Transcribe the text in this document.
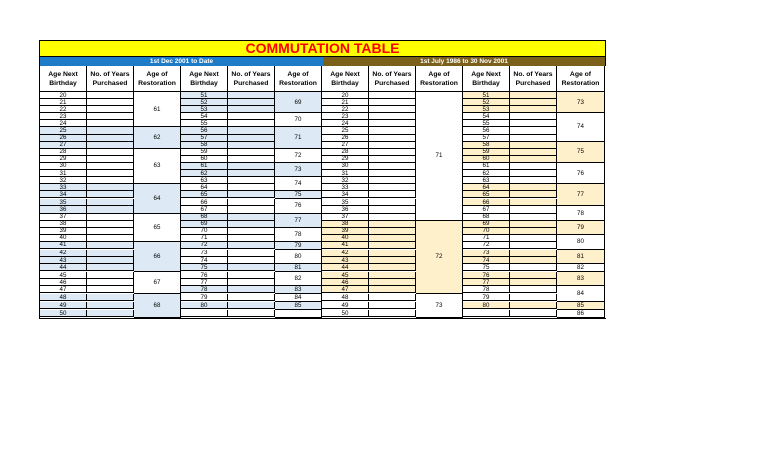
COMMUTATION TABLE
1st Dec 2001 to Date	1st July 1986 to 30 Nov 2001
Age Next Birthday
No. of Years Purchased
Age of Restoration
Age Next Birthday
No. of Years Purchased
Age of Restoration
Age Next Birthday
No. of Years Purchased
Age of Restoration
Age Next Birthday
No. of Years Purchased
Age of Restoration
20
21
22
23
24
25
26
27
28
29
30
31
32
33
34
35
36
37
38
39
40
41
42
43
44
45
46
47
48
49
50
61
62
63
64
65
66
67
68
51
52
53
54
55
56
57
58
59
60
61
62
63
64
65
66
67
68
69
70
71
72
73
74
75
76
77
78
79
80
69
70
71
72
73
74
75
76
77
78
79
80
81
82
83
84
85
20
21
22
23
24
25
26
27
28
29
30
31
32
33
34
35
36
37
38
39
40
41
42
43
44
45
46
47
48
49
50
71
72
73
51
52
53
54
55
56
57
58
59
60
61
62
63
64
65
66
67
68
69
70
71
72
73
74
75
76
77
78
79
80
73
74
75
76
77
78
79
80
81
82
83
84
85
86
